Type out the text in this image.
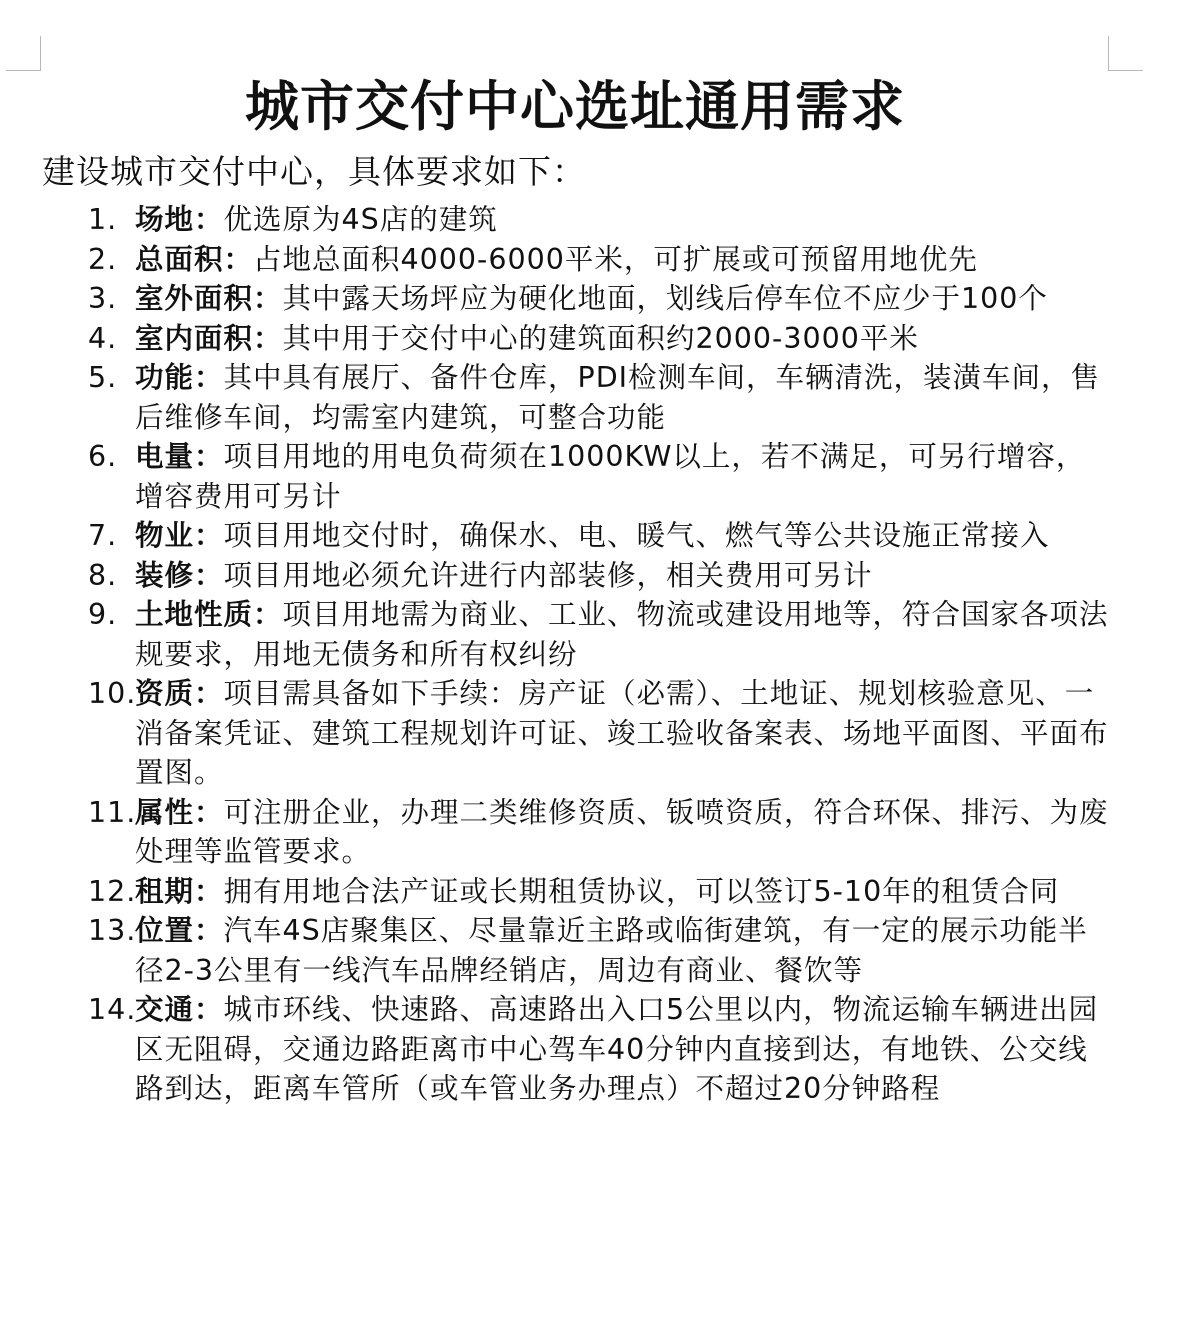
城市交付中心选址通用需求
建设城市交付中心，具体要求如下：
1. 场地：优选原为4S店的建筑
2. 总面积：占地总面积4000-6000平米，可扩展或可预留用地优先
3. 室外面积：其中露天场坪应为硬化地面，划线后停车位不应少于100个
4. 室内面积：其中用于交付中心的建筑面积约2000-3000平米
5. 功能：其中具有展厅、备件仓库，PDI检测车间，车辆清洗，装潢车间，售后维修车间，均需室内建筑，可整合功能
6. 电量：项目用地的用电负荷须在1000KW以上，若不满足，可另行增容，增容费用可另计
7. 物业：项目用地交付时，确保水、电、暖气、燃气等公共设施正常接入
8. 装修：项目用地必须允许进行内部装修，相关费用可另计
9. 土地性质：项目用地需为商业、工业、物流或建设用地等，符合国家各项法规要求，用地无债务和所有权纠纷
10.
资质：项目需具备如下手续：房产证（必需）、土地证、规划核验意见、一消备案凭证、建筑工程规划许可证、竣工验收备案表、场地平面图、平面布置图。
11.
属性：可注册企业，办理二类维修资质、钣喷资质，符合环保、排污、为废处理等监管要求。
12.
租期：拥有用地合法产证或长期租赁协议，可以签订5-10年的租赁合同
13.
位置：汽车4S店聚集区、尽量靠近主路或临街建筑，有一定的展示功能半径2-3公里有一线汽车品牌经销店，周边有商业、餐饮等
14.
交通：城市环线、快速路、高速路出入口5公里以内，物流运输车辆进出园区无阻碍，交通边路距离市中心驾车40分钟内直接到达，有地铁、公交线路到达，距离车管所（或车管业务办理点）不超过20分钟路程
